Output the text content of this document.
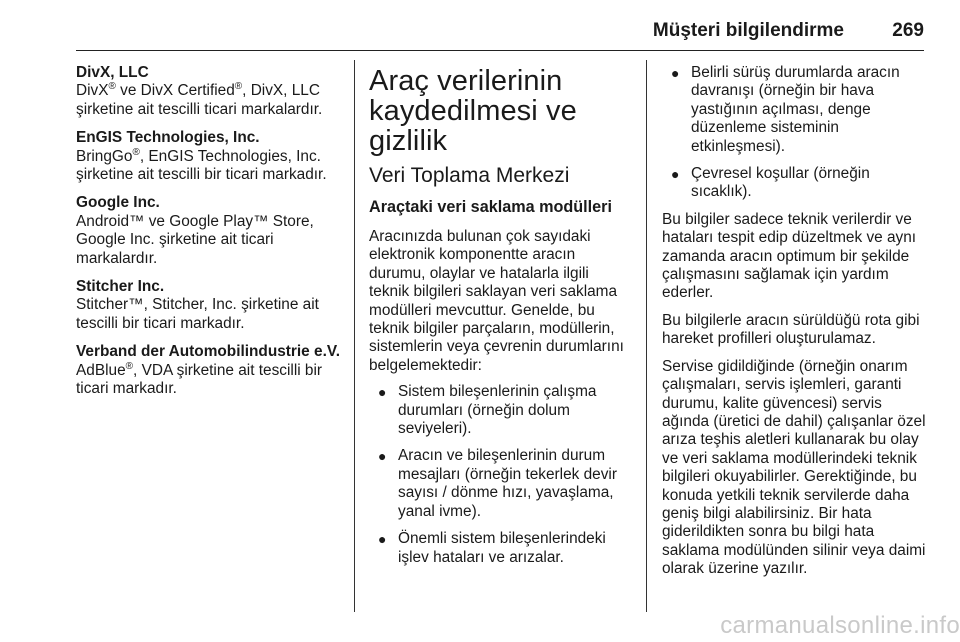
Müşteri bilgilendirme	269
DivX, LLC
DivX® ve DivX Certified®, DivX, LLC şirketine ait tescilli ticari markalardır.
EnGIS Technologies, Inc.
BringGo®, EnGIS Technologies, Inc. şirketine ait tescilli bir ticari markadır.
Google Inc.
Android™ ve Google Play™ Store, Google Inc. şirketine ait ticari markalardır.
Stitcher Inc.
Stitcher™, Stitcher, Inc. şirketine ait tescilli bir ticari markadır.
Verband der Automobilindustrie e.V.
AdBlue®, VDA şirketine ait tescilli bir ticari markadır.
Araç verilerinin kaydedilmesi ve gizlilik
Veri Toplama Merkezi
Araçtaki veri saklama modülleri

Aracınızda bulunan çok sayıdaki elektronik komponentte aracın durumu, olaylar ve hatalarla ilgili teknik bilgileri saklayan veri saklama modülleri mevcuttur. Genelde, bu teknik bilgiler parçaların, modüllerin, sistemlerin veya çevrenin durumlarını belgelemektedir:

● Sistem bileşenlerinin çalışma durumları (örneğin dolum seviyeleri).
● Aracın ve bileşenlerinin durum mesajları (örneğin tekerlek devir sayısı / dönme hızı, yavaşlama, yanal ivme).
● Önemli sistem bileşenlerindeki işlev hataları ve arızalar.
● Belirli sürüş durumlarda aracın davranışı (örneğin bir hava yastığının açılması, denge düzenleme sisteminin etkinleşmesi).
● Çevresel koşullar (örneğin sıcaklık).

Bu bilgiler sadece teknik verilerdir ve hataları tespit edip düzeltmek ve aynı zamanda aracın optimum bir şekilde çalışmasını sağlamak için yardım ederler.

Bu bilgilerle aracın sürüldüğü rota gibi hareket profilleri oluşturulamaz.

Servise gidildiğinde (örneğin onarım çalışmaları, servis işlemleri, garanti durumu, kalite güvencesi) servis ağında (üretici de dahil) çalışanlar özel arıza teşhis aletleri kullanarak bu olay ve veri saklama modüllerindeki teknik bilgileri okuyabilirler. Gerektiğinde, bu konuda yetkili teknik servilerde daha geniş bilgi alabilirsiniz. Bir hata giderildikten sonra bu bilgi hata saklama modülünden silinir veya daimi olarak üzerine yazılır.

carmanualsonline.info
